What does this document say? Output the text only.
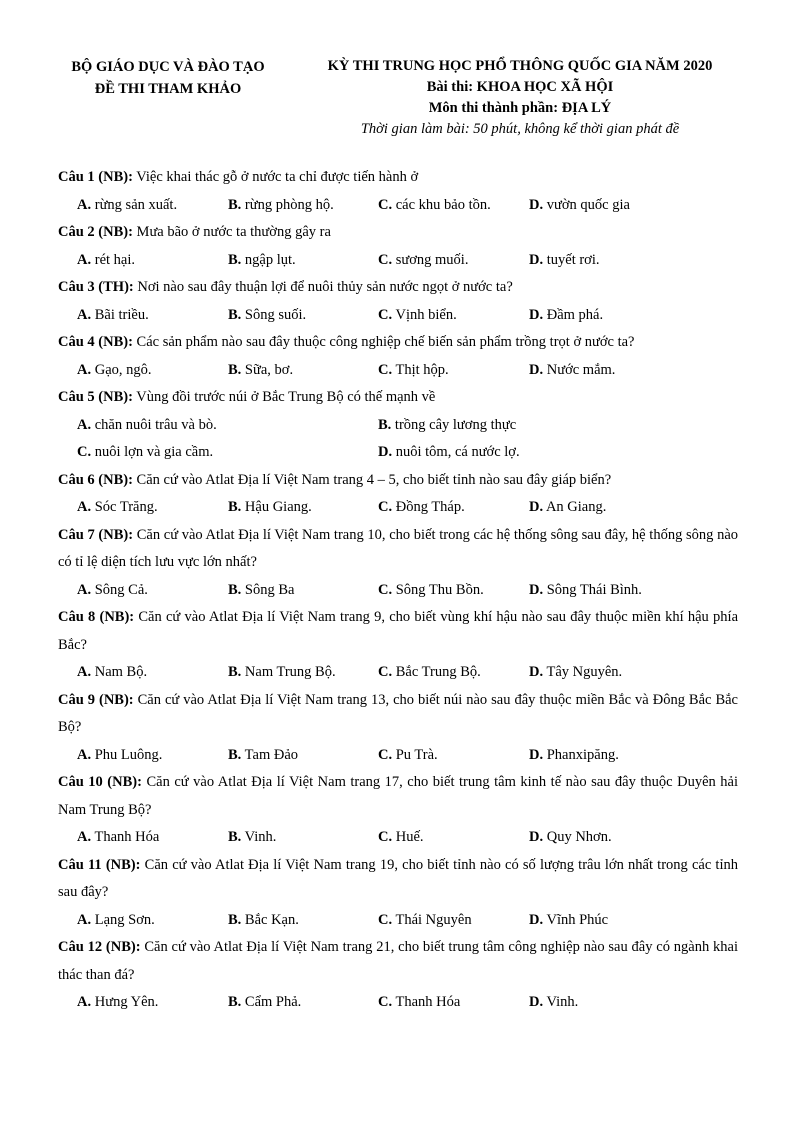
BỘ GIÁO DỤC VÀ ĐÀO TẠO
ĐỀ THI THAM KHẢO
KỲ THI TRUNG HỌC PHỔ THÔNG QUỐC GIA NĂM 2020
Bài thi: KHOA HỌC XÃ HỘI
Môn thi thành phần: ĐỊA LÝ
Thời gian làm bài: 50 phút, không kể thời gian phát đề

Câu 1 (NB): Việc khai thác gỗ ở nước ta chỉ được tiến hành ở

A. rừng sản xuất.	B. rừng phòng hộ.	C. các khu bảo tồn.	D. vườn quốc gia

Câu 2 (NB): Mưa bão ở nước ta thường gây ra

A. rét hại.	B. ngập lụt.	C. sương muối.	D. tuyết rơi.

Câu 3 (TH): Nơi nào sau đây thuận lợi để nuôi thủy sản nước ngọt ở nước ta?

A. Bãi triều.	B. Sông suối.	C. Vịnh biển.	D. Đầm phá.

Câu 4 (NB): Các sản phẩm nào sau đây thuộc công nghiệp chế biến sản phẩm trồng trọt ở nước ta?

A. Gạo, ngô.	B. Sữa, bơ.	C. Thịt hộp.	D. Nước mắm.

Câu 5 (NB): Vùng đồi trước núi ở Bắc Trung Bộ có thế mạnh về

A. chăn nuôi trâu và bò.	B. trồng cây lương thực
C. nuôi lợn và gia cầm.	D. nuôi tôm, cá nước lợ.

Câu 6 (NB): Căn cứ vào Atlat Địa lí Việt Nam trang 4 – 5, cho biết tỉnh nào sau đây giáp biển?

A. Sóc Trăng.	B. Hậu Giang.	C. Đồng Tháp.	D. An Giang.

Câu 7 (NB): Căn cứ vào Atlat Địa lí Việt Nam trang 10, cho biết trong các hệ thống sông sau đây, hệ thống sông nào có tỉ lệ diện tích lưu vực lớn nhất?

A. Sông Cả.	B. Sông Ba	C. Sông Thu Bồn.	D. Sông Thái Bình.

Câu 8 (NB): Căn cứ vào Atlat Địa lí Việt Nam trang 9, cho biết vùng khí hậu nào sau đây thuộc miền khí hậu phía Bắc?

A. Nam Bộ.	B. Nam Trung Bộ.	C. Bắc Trung Bộ.	D. Tây Nguyên.

Câu 9 (NB): Căn cứ vào Atlat Địa lí Việt Nam trang 13, cho biết núi nào sau đây thuộc miền Bắc và Đông Bắc Bắc Bộ?

A. Phu Luông.	B. Tam Đảo	C. Pu Trà.	D. Phanxipăng.

Câu 10 (NB): Căn cứ vào Atlat Địa lí Việt Nam trang 17, cho biết trung tâm kinh tế nào sau đây thuộc Duyên hải Nam Trung Bộ?

A. Thanh Hóa	B. Vinh.	C. Huế.	D. Quy Nhơn.

Câu 11 (NB): Căn cứ vào Atlat Địa lí Việt Nam trang 19, cho biết tỉnh nào có số lượng trâu lớn nhất trong các tỉnh sau đây?

A. Lạng Sơn.	B. Bắc Kạn.	C. Thái Nguyên	D. Vĩnh Phúc

Câu 12 (NB): Căn cứ vào Atlat Địa lí Việt Nam trang 21, cho biết trung tâm công nghiệp nào sau đây có ngành khai thác than đá?

A. Hưng Yên.	B. Cẩm Phả.	C. Thanh Hóa	D. Vinh.
